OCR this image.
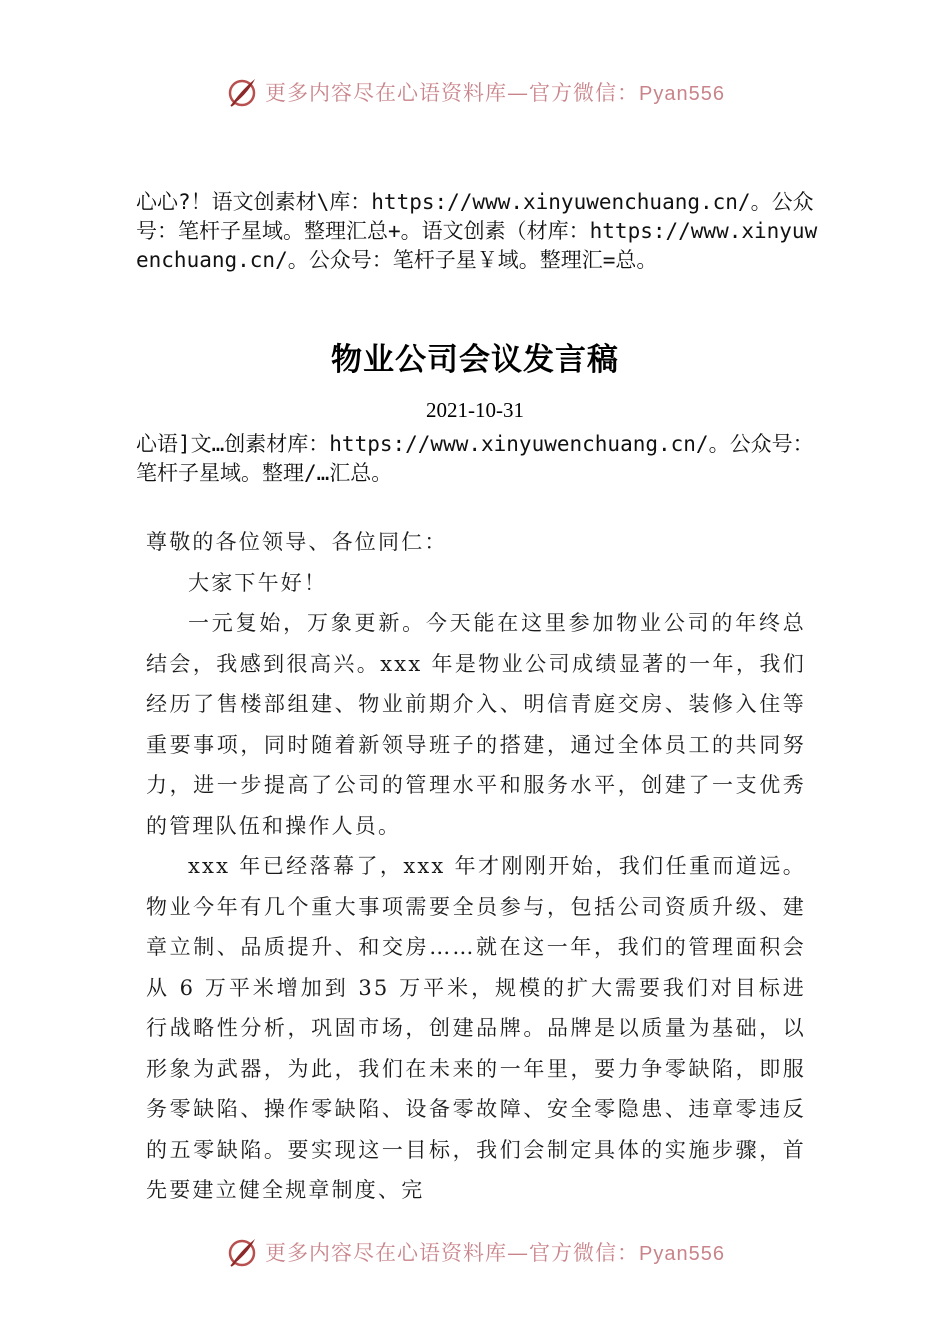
更多内容尽在心语资料库—官方微信：Pyan556
心心?！语文创素材\库：https://www.xinyuwenchuang.cn/。公众号：笔杆子星域。整理汇总+。语文创素（材库：https://www.xinyuwenchuang.cn/。公众号：笔杆子星￥域。整理汇=总。
物业公司会议发言稿
2021-10-31
心语]文…创素材库：https://www.xinyuwenchuang.cn/。公众号：笔杆子星域。整理/…汇总。

尊敬的各位领导、各位同仁：

大家下午好！

一元复始，万象更新。今天能在这里参加物业公司的年终总结会，我感到很高兴。xxx 年是物业公司成绩显著的一年，我们经历了售楼部组建、物业前期介入、明信青庭交房、装修入住等重要事项，同时随着新领导班子的搭建，通过全体员工的共同努力，进一步提高了公司的管理水平和服务水平，创建了一支优秀的管理队伍和操作人员。

xxx 年已经落幕了，xxx 年才刚刚开始，我们任重而道远。物业今年有几个重大事项需要全员参与，包括公司资质升级、建章立制、品质提升、和交房……就在这一年，我们的管理面积会从 6 万平米增加到 35 万平米，规模的扩大需要我们对目标进行战略性分析，巩固市场，创建品牌。品牌是以质量为基础，以形象为武器，为此，我们在未来的一年里，要力争零缺陷，即服务零缺陷、操作零缺陷、设备零故障、安全零隐患、违章零违反的五零缺陷。要实现这一目标，我们会制定具体的实施步骤，首先要建立健全规章制度、完

更多内容尽在心语资料库—官方微信：Pyan556
